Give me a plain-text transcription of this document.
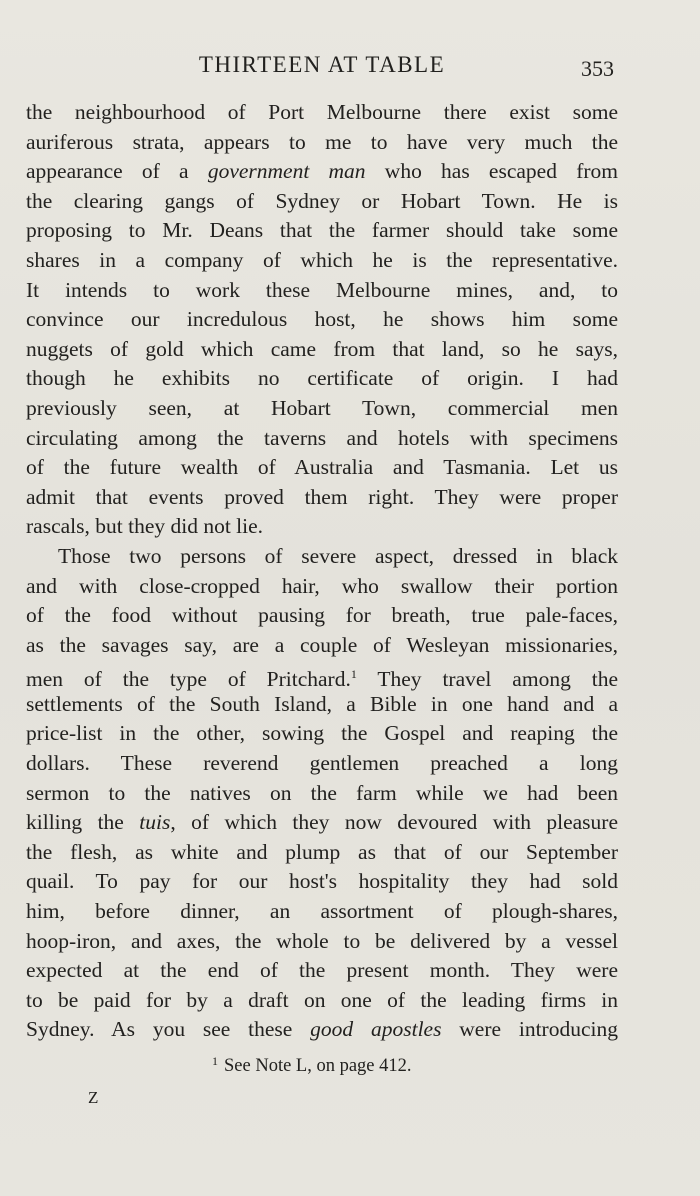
THIRTEEN AT TABLE	353
the neighbourhood of Port Melbourne there exist some
auriferous strata, appears to me to have very much the
appearance of a government man who has escaped from
the clearing gangs of Sydney or Hobart Town. He is
proposing to Mr. Deans that the farmer should take some
shares in a company of which he is the representative.
It intends to work these Melbourne mines, and, to
convince our incredulous host, he shows him some
nuggets of gold which came from that land, so he says,
though he exhibits no certificate of origin. I had
previously seen, at Hobart Town, commercial men
circulating among the taverns and hotels with specimens
of the future wealth of Australia and Tasmania. Let us
admit that events proved them right. They were proper
rascals, but they did not lie.
Those two persons of severe aspect, dressed in black
and with close-cropped hair, who swallow their portion
of the food without pausing for breath, true pale-faces,
as the savages say, are a couple of Wesleyan missionaries,
men of the type of Pritchard.$^1$ They travel among the
settlements of the South Island, a Bible in one hand and a
price-list in the other, sowing the Gospel and reaping the
dollars. These reverend gentlemen preached a long
sermon to the natives on the farm while we had been
killing the tuis, of which they now devoured with pleasure
the flesh, as white and plump as that of our September
quail. To pay for our host's hospitality they had sold
him, before dinner, an assortment of plough-shares,
hoop-iron, and axes, the whole to be delivered by a vessel
expected at the end of the present month. They were
to be paid for by a draft on one of the leading firms in
Sydney. As you see these good apostles were introducing
$^1$ See Note L, on page 412.
Z
